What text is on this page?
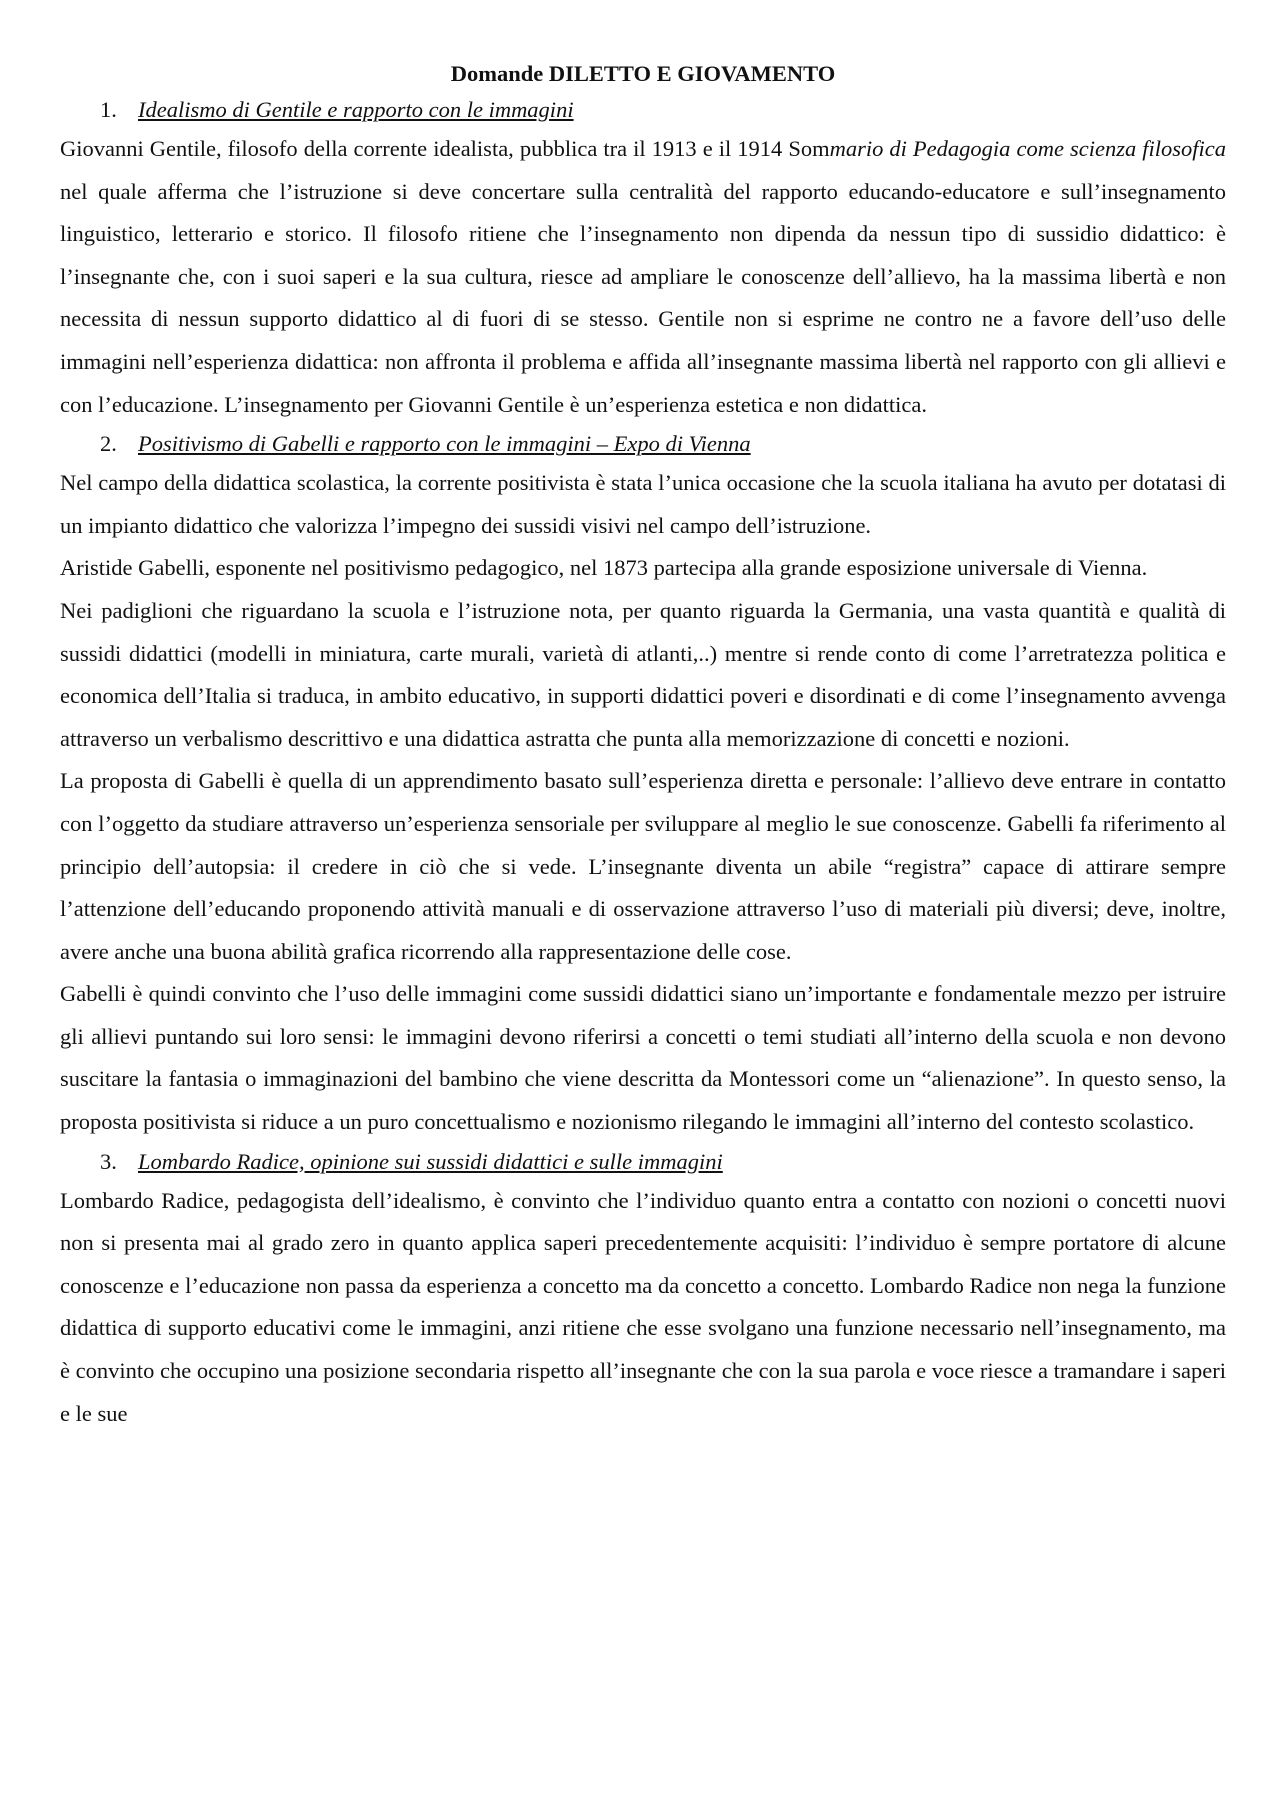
Domande DILETTO E GIOVAMENTO
1. Idealismo di Gentile e rapporto con le immagini

Giovanni Gentile, filosofo della corrente idealista, pubblica tra il 1913 e il 1914 Sommario di Pedagogia come scienza filosofica nel quale afferma che l’istruzione si deve concertare sulla centralità del rapporto educando-educatore e sull’insegnamento linguistico, letterario e storico. Il filosofo ritiene che l’insegnamento non dipenda da nessun tipo di sussidio didattico: è l’insegnante che, con i suoi saperi e la sua cultura, riesce ad ampliare le conoscenze dell’allievo, ha la massima libertà e non necessita di nessun supporto didattico al di fuori di se stesso. Gentile non si esprime ne contro ne a favore dell’uso delle immagini nell’esperienza didattica: non affronta il problema e affida all’insegnante massima libertà nel rapporto con gli allievi e con l’educazione. L’insegnamento per Giovanni Gentile è un’esperienza estetica e non didattica.

2. Positivismo di Gabelli e rapporto con le immagini – Expo di Vienna

Nel campo della didattica scolastica, la corrente positivista è stata l’unica occasione che la scuola italiana ha avuto per dotatasi di un impianto didattico che valorizza l’impegno dei sussidi visivi nel campo dell’istruzione.

Aristide Gabelli, esponente nel positivismo pedagogico, nel 1873 partecipa alla grande esposizione universale di Vienna.

Nei padiglioni che riguardano la scuola e l’istruzione nota, per quanto riguarda la Germania, una vasta quantità e qualità di sussidi didattici (modelli in miniatura, carte murali, varietà di atlanti,..) mentre si rende conto di come l’arretratezza politica e economica dell’Italia si traduca, in ambito educativo, in supporti didattici poveri e disordinati e di come l’insegnamento avvenga attraverso un verbalismo descrittivo e una didattica astratta che punta alla memorizzazione di concetti e nozioni.

La proposta di Gabelli è quella di un apprendimento basato sull’esperienza diretta e personale: l’allievo deve entrare in contatto con l’oggetto da studiare attraverso un’esperienza sensoriale per sviluppare al meglio le sue conoscenze. Gabelli fa riferimento al principio dell’autopsia: il credere in ciò che si vede. L’insegnante diventa un abile “registra” capace di attirare sempre l’attenzione dell’educando proponendo attività manuali e di osservazione attraverso l’uso di materiali più diversi; deve, inoltre, avere anche una buona abilità grafica ricorrendo alla rappresentazione delle cose.

Gabelli è quindi convinto che l’uso delle immagini come sussidi didattici siano un’importante e fondamentale mezzo per istruire gli allievi puntando sui loro sensi: le immagini devono riferirsi a concetti o temi studiati all’interno della scuola e non devono suscitare la fantasia o immaginazioni del bambino che viene descritta da Montessori come un “alienazione”. In questo senso, la proposta positivista si riduce a un puro concettualismo e nozionismo rilegando le immagini all’interno del contesto scolastico.

3. Lombardo Radice, opinione sui sussidi didattici e sulle immagini

Lombardo Radice, pedagogista dell’idealismo, è convinto che l’individuo quanto entra a contatto con nozioni o concetti nuovi non si presenta mai al grado zero in quanto applica saperi precedentemente acquisiti: l’individuo è sempre portatore di alcune conoscenze e l’educazione non passa da esperienza a concetto ma da concetto a concetto. Lombardo Radice non nega la funzione didattica di supporto educativi come le immagini, anzi ritiene che esse svolgano una funzione necessario nell’insegnamento, ma è convinto che occupino una posizione secondaria rispetto all’insegnante che con la sua parola e voce riesce a tramandare i saperi e le sue
